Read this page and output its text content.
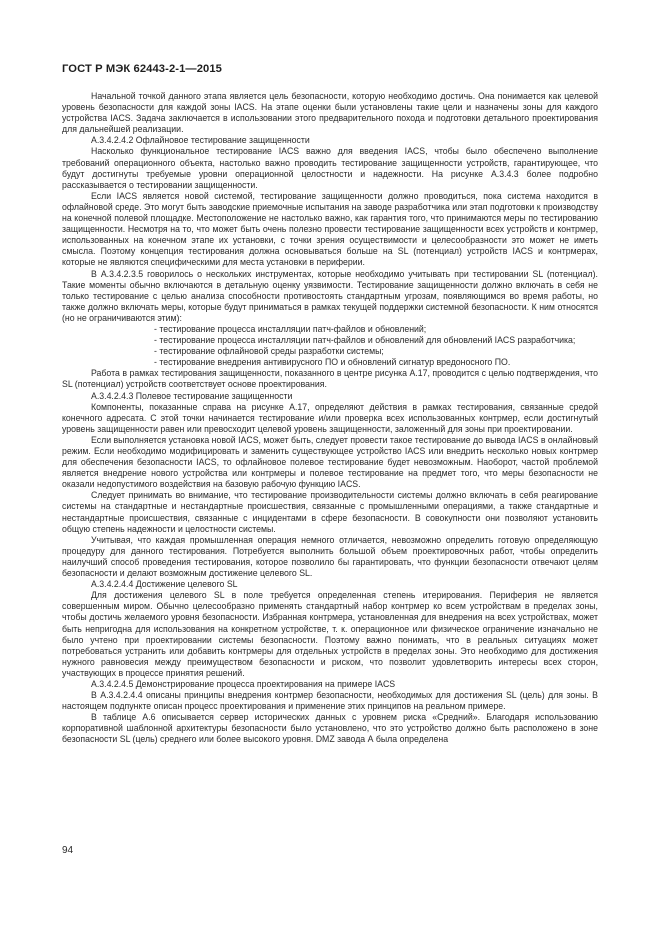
ГОСТ Р МЭК 62443-2-1—2015

Начальной точкой данного этапа является цель безопасности, которую необходимо достичь. Она понимается как целевой уровень безопасности для каждой зоны IACS. На этапе оценки были установлены такие цели и назначены зоны для каждого устройства IACS. Задача заключается в использовании этого предварительного похода и подготовки детального проектирования для дальнейшей реализации.

А.3.4.2.4.2 Офлайновое тестирование защищенности

Насколько функциональное тестирование IACS важно для введения IACS, чтобы было обеспечено выполнение требований операционного объекта, настолько важно проводить тестирование защищенности устройств, гарантирующее, что будут достигнуты требуемые уровни операционной целостности и надежности. На рисунке А.3.4.3 более подробно рассказывается о тестировании защищенности.

Если IACS является новой системой, тестирование защищенности должно проводиться, пока система находится в офлайновой среде. Это могут быть заводские приемочные испытания на заводе разработчика или этап подготовки к производству на конечной полевой площадке. Местоположение не настолько важно, как гарантия того, что принимаются меры по тестированию защищенности. Несмотря на то, что может быть очень полезно провести тестирование защищенности всех устройств и контрмер, использованных на конечном этапе их установки, с точки зрения осуществимости и целесообразности это может не иметь смысла. Поэтому концепция тестирования должна основываться больше на SL (потенциал) устройств IACS и контрмерах, которые не являются специфическими для места установки в периферии.

В А.3.4.2.3.5 говорилось о нескольких инструментах, которые необходимо учитывать при тестировании SL (потенциал). Такие моменты обычно включаются в детальную оценку уязвимости. Тестирование защищенности должно включать в себя не только тестирование с целью анализа способности противостоять стандартным угрозам, появляющимся во время работы, но также должно включать меры, которые будут приниматься в рамках текущей поддержки системной безопасности. К ним относятся (но не ограничиваются этим):

- тестирование процесса инсталляции патч-файлов и обновлений;

- тестирование процесса инсталляции патч-файлов и обновлений для обновлений IACS разработчика;

- тестирование офлайновой среды разработки системы;

- тестирование внедрения антивирусного ПО и обновлений сигнатур вредоносного ПО.

Работа в рамках тестирования защищенности, показанного в центре рисунка А.17, проводится с целью подтверждения, что SL (потенциал) устройств соответствует основе проектирования.

А.3.4.2.4.3 Полевое тестирование защищенности

Компоненты, показанные справа на рисунке А.17, определяют действия в рамках тестирования, связанные средой конечного адресата. С этой точки начинается тестирование и/или проверка всех использованных контрмер, если достигнутый уровень защищенности равен или превосходит целевой уровень защищенности, заложенный для зоны при проектировании.

Если выполняется установка новой IACS, может быть, следует провести такое тестирование до вывода IACS в онлайновый режим. Если необходимо модифицировать и заменить существующее устройство IACS или внедрить несколько новых контрмер для обеспечения безопасности IACS, то офлайновое полевое тестирование будет невозможным. Наоборот, частой проблемой является внедрение нового устройства или контрмеры и полевое тестирование на предмет того, что меры безопасности не оказали недопустимого воздействия на базовую рабочую функцию IACS.

Следует принимать во внимание, что тестирование производительности системы должно включать в себя реагирование системы на стандартные и нестандартные происшествия, связанные с промышленными операциями, а также стандартные и нестандартные происшествия, связанные с инцидентами в сфере безопасности. В совокупности они позволяют установить общую степень надежности и целостности системы.

Учитывая, что каждая промышленная операция немного отличается, невозможно определить готовую определяющую процедуру для данного тестирования. Потребуется выполнить большой объем проектировочных работ, чтобы определить наилучший способ проведения тестирования, которое позволило бы гарантировать, что функции безопасности отвечают целям безопасности и делают возможным достижение целевого SL.

А.3.4.2.4.4 Достижение целевого SL

Для достижения целевого SL в поле требуется определенная степень итерирования. Периферия не является совершенным миром. Обычно целесообразно применять стандартный набор контрмер ко всем устройствам в пределах зоны, чтобы достичь желаемого уровня безопасности. Избранная контрмера, установленная для внедрения на всех устройствах, может быть непригодна для использования на конкретном устройстве, т. к. операционное или физическое ограничение изначально не было учтено при проектировании системы безопасности. Поэтому важно понимать, что в реальных ситуациях может потребоваться устранить или добавить контрмеры для отдельных устройств в пределах зоны. Это необходимо для достижения нужного равновесия между преимуществом безопасности и риском, что позволит удовлетворить интересы всех сторон, участвующих в процессе принятия решений.

А.3.4.2.4.5 Демонстрирование процесса проектирования на примере IACS

В А.3.4.2.4.4 описаны принципы внедрения контрмер безопасности, необходимых для достижения SL (цель) для зоны. В настоящем подпункте описан процесс проектирования и применение этих принципов на реальном примере.

В таблице А.6 описывается сервер исторических данных с уровнем риска «Средний». Благодаря использованию корпоративной шаблонной архитектуры безопасности было установлено, что это устройство должно быть расположено в зоне безопасности SL (цель) среднего или более высокого уровня. DMZ завода А была определена

94
